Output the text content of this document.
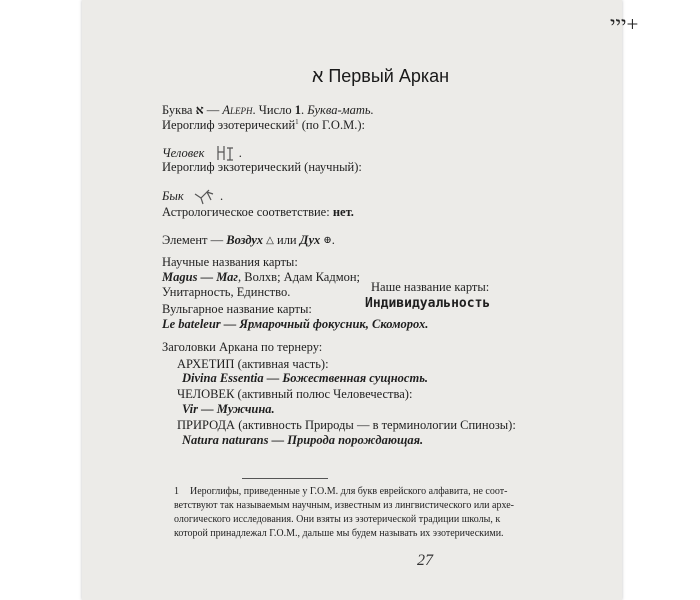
ייי+
א Первый Аркан
Буква א — Aleph. Число 1. Буква-мать.
Иероглиф эзотерический$^1$ (по Г.О.М.):
Человек	.
Иероглиф экзотерический (научный):
Бык	.
Астрологическое соответствие: нет.
Элемент — Воздух △ или Дух ⊕.
Научные названия карты:
Magus — Маг, Волхв; Адам Кадмон;
Унитарность, Единство.	Наше название карты:
Индивидуальность
Вульгарное название карты:
Le bateleur — Ярмарочный фокусник, Скоморох.
Заголовки Аркана по тернеру:
АРХЕТИП (активная часть):
Divina Essentia — Божественная сущность.
ЧЕЛОВЕК (активный полюс Человечества):
Vir — Мужчина.
ПРИРОДА (активность Природы — в терминологии Спинозы):
Natura naturans — Природа порождающая.
1 Иероглифы, приведенные у Г.О.М. для букв еврейского алфавита, не соот-
ветствуют так называемым научным, известным из лингвистического или архе-
ологического исследования. Они взяты из эзотерической традиции школы, к
которой принадлежал Г.О.М., дальше мы будем называть их эзотерическими.
27
